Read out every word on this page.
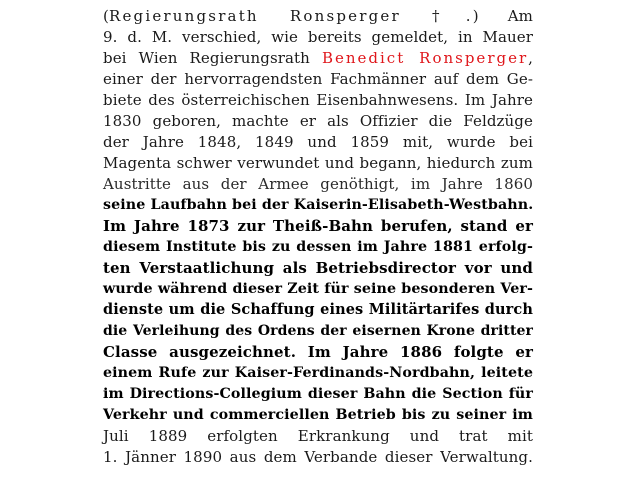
(Regierungsrath Ronsperger †.) Am
9. d. M. verschied, wie bereits gemeldet, in Mauer
bei Wien Regierungsrath Benedict Ronsperger,
einer der hervorragendsten Fachmänner auf dem Ge-
biete des österreichischen Eisenbahnwesens. Im Jahre
1830 geboren, machte er als Offizier die Feldzüge
der Jahre 1848, 1849 und 1859 mit, wurde bei
Magenta schwer verwundet und begann, hiedurch zum
Austritte aus der Armee genöthigt, im Jahre 1860
seine Laufbahn bei der Kaiserin-Elisabeth-Westbahn.
Im Jahre 1873 zur Theiß-Bahn berufen, stand er
diesem Institute bis zu dessen im Jahre 1881 erfolg-
ten Verstaatlichung als Betriebsdirector vor und
wurde während dieser Zeit für seine besonderen Ver-
dienste um die Schaffung eines Militärtarifes durch
die Verleihung des Ordens der eisernen Krone dritter
Classe ausgezeichnet. Im Jahre 1886 folgte er
einem Rufe zur Kaiser-Ferdinands-Nordbahn, leitete
im Directions-Collegium dieser Bahn die Section für
Verkehr und commerciellen Betrieb bis zu seiner im
Juli 1889 erfolgten Erkrankung und trat mit
1. Jänner 1890 aus dem Verbande dieser Verwaltung.
